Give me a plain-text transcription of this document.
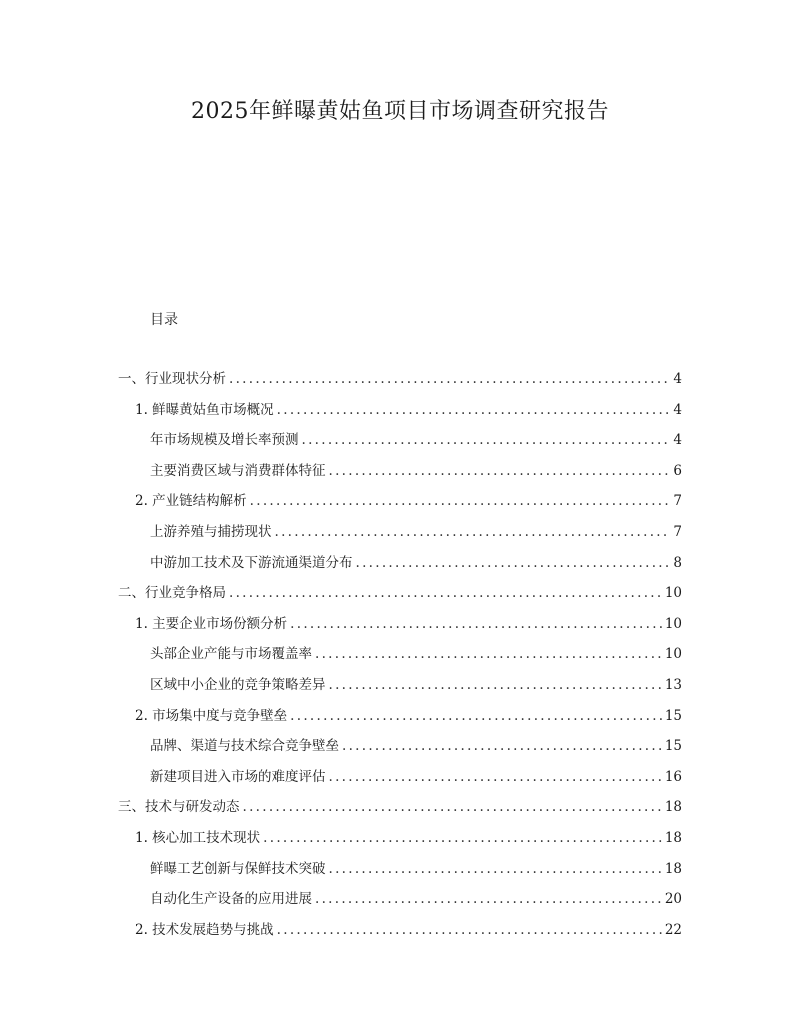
2025年鲜曝黄姑鱼项目市场调查研究报告
目录
一、行业现状分析 . . .	4
1. 鲜曝黄姑鱼市场概况 . . .	4
年市场规模及增长率预测 . . .	4
主要消费区域与消费群体特征 . . .	6
2. 产业链结构解析 . . .	7
上游养殖与捕捞现状 . . .	7
中游加工技术及下游流通渠道分布 . . .	8
二、行业竞争格局 . . .	10
1. 主要企业市场份额分析 . . .	10
头部企业产能与市场覆盖率 . . .	10
区域中小企业的竞争策略差异 . . .	13
2. 市场集中度与竞争壁垒 . . .	15
品牌、渠道与技术综合竞争壁垒 . . .	15
新建项目进入市场的难度评估 . . .	16
三、技术与研发动态 . . .	18
1. 核心加工技术现状 . . .	18
鲜曝工艺创新与保鲜技术突破 . . .	18
自动化生产设备的应用进展 . . .	20
2. 技术发展趋势与挑战 . . .	22
